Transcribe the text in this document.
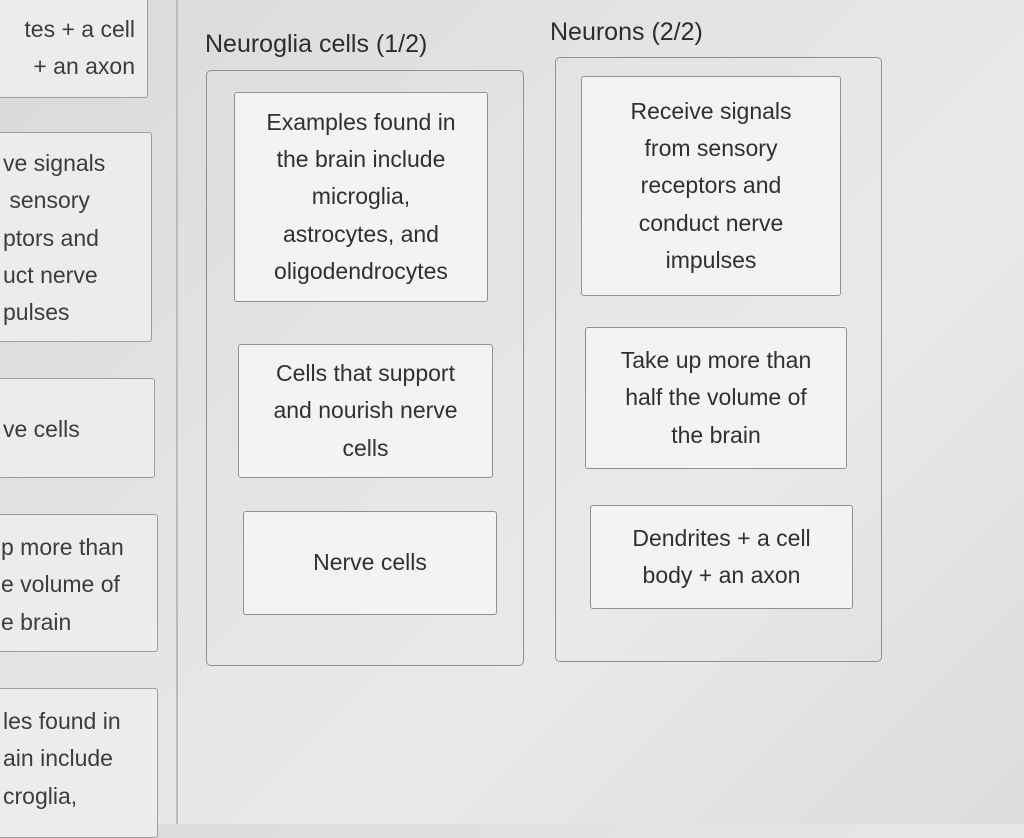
tes + a cell
+ an axon
ve signals
sensory
ptors and
uct nerve
pulses
ve cells
p more than
e volume of
e brain
les found in
ain include
croglia,
Neuroglia cells (1/2)
Examples found in
the brain include
microglia,
astrocytes, and
oligodendrocytes
Cells that support
and nourish nerve
cells
Nerve cells
Neurons (2/2)
Receive signals
from sensory
receptors and
conduct nerve
impulses
Take up more than
half the volume of
the brain
Dendrites + a cell
body + an axon
